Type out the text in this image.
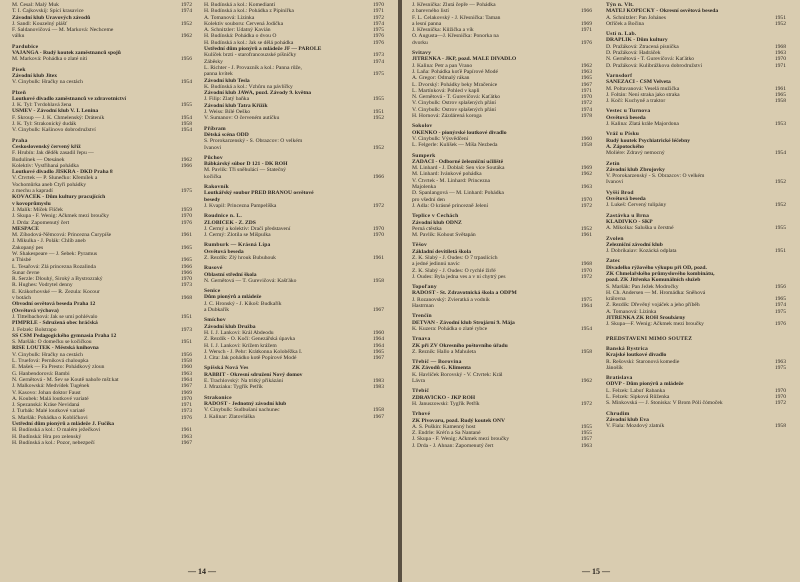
1972
M. Česal: Malý Muk
1974
T. I. Čajkovskij: Spící krasavice
Závodní klub Uravových závodů
1952
J. Sandl: Kouzelný plášť
F. Saldanovičová — M. Marková: Nechceme
1962
válku
Pardubice
VAJANGA - Rudý koutek zaměstnanců spojů
1956
M. Marková: Pohádka o zlaté niti
Písek
Závodní klub Jitex
1954
V. Cinybulk: Hračky na cestách
Plzeň
Loutkové divadlo zaměstnanců ve zdravotnictví
1955
J. K. Tyl: Tvrdohlavá žena
USMEV - Závodní klub V. I. Lenina
1954
F. Skroup — J. K. Chmelenský: Dráteník
1958
J. K. Tyl: Strakonický dudák
1954
V. Cinybulk: Kašinovo dobrodružství
Praha
Československý červený kříž
F. Hrubín: Jak děděk zasadil řepu —
1962
Budulínek — Otesánek
1966
Kolektiv: Vystřihaná pohádka
Loutkové divadlo JISKRA - DKD Praha 8
V. Čtvrtek — P. Slunečko: Křemílek a
Vochomůrka aneb Čtyři pohádky
1975
z mechu a kapradí
KOVÁČEK - Dům kultury pracujících
v kovoprůmyslu
1959
J. Malík: Míček Flíček
1970
J. Skupa - F. Wenig: Ačkmek mezi broučky
1976
J. Drda: Zapomenutý čert
MESPACE
1961
M. Zíhodová-Němcová: Princezna Čurypíše
J. Mikulka - J. Polák: Chlíb aneb
1965
Zakopaný pes
W. Shakespeare — J. Šebek: Pyramus
1965
a Thisbé
1966
L. Tesařová: Zlá princezna Rozalinda
1966
Šunar čevne
1970
R. Šerzle: Dlouhý, Široký a Bystrozraký
1973
R. Hughes: Vodrytel denny
E. Krákorhovské — R. Zezula: Kocour
1968
v botách
Obvodní osvětová beseda Praha 12
(Osvětová výchova)
1951
J. Tittelbachová: Jak se umí pohlévalo
PIMPRLE - Sdružená obec hráčská
1973
J. Felzek: Bolstrapo
SS CSM Pedagogického gymnasia Praha 12
1951
S. Maršák: O domečku se kočičkou
RISE LOUTEK - Městská knihovna
1956
V. Cinybulk: Hračky na cestách
1958
L. Truefová: Perníková chaloupka
1960
E. Mašek — Fa Presto: Pohádkový zloun
1963
G. Hanbendorová: Bambi
1964
N. Gernětová - M. Šev se Koutě nahoře mšt:kat
1967
J. Malkowská: Medvídek Tugének
1969
V. Kasovo: Johan doktor Faust
1970
A. Koubek: Malá loutkové variaté
1971
J. Spezanská: Kráse Nevidaná
1973
J. Turbák: Malé loutkové variaté
1976
S. Maršák: Pohádka o Koblíčkovi
Ústřední dům pionýrů a mládeže J. Fučíka
1961
H. Budínská a kol.: O malém ježečkovi
1963
H. Budínská: Hra pro zelenský
1967
H. Budínská a kol.: Pozor, nebezpečí
1970
H. Budínská a kol.: Komediantí
1971
H. Budínská a kol.: Pohádka z Pipiniřka
1972
A. Tomanová: Lízinka
1974
Kolektiv souboru: Červená Jodička
1975
A. Schnitzler: Udatný Kavián
1976
H. Budínská: Pohádka o dvou O
1976
H. Budínská a kol.: Jak se dělá pohádka
Ústřední dům pionýrů a mládeže JF — PAROLE
1973
Kulíček brzti - starofrancouzské píšničky
1974
Záběsky
L. Richter - J. Provazník a kol.: Panna růže,
1975
panna kvítek
Závodní klub Tesla
K. Budínská a kol.: Vzhůru na pávlíčky
Závodní klub JAWA, pozd. Závody 9. května
1955
J. Filip: Zlatý baňka
Závodní klub Tatra Křížík
1951
J. Weiss: Bílé Oeško
1952
V. Sumanov: O červeném autíčku
Příbram
Dětská scéna ODD
S. Prorokarzenský - S. Obrazcov: O velkém
1952
Ivanovi
Půchov
Bábkárský súbor D 121 - DK ROH
M. Pavlík: Tři sněhulácí — Statečný
1966
kočička
Rakovník
Loutkářský soubor PŘED BRANOU osvětové
besedy
1972
J. Kvapil: Princezna Pampelíška
Roudnice n. L.
ZLOBÍČEK - Z. ZDS
1970
J. Čermý a kolektiv: Dračí představení
1970
J. Čermý: Zlotila se Mišpulka
Rumburk — Krásná Lípa
Osvětová beseda
1961
Z. Rezdík: Zlý hrouk Bubuhouk
Rusové
Oblastní střední škola
1958
N. Gernětová — T. Gurevičová: Kašťáko
Senice
Dům pionýrů a mládeže
J. C. Hronský - J. Kikoš: Budkařík
1967
a Dubkařík
Smíchov
Závodní klub Družba
1960
H. I. J. Lankovi: Král Abdeodu
1964
Z. Rezdík - O. Kočí: Genezářská úpavka
1964
H. I. J. Lankovi: Krížem krážem
1965
J. Wersch - J. Pehr: Krátkonna Koloběžka I.
1967
J. Cita: Jak pohádko kotě Popírové Modé
Spišská Nová Ves
RABBIT - Okresní sdružení Nový domov
1983
E. Trachlovský: Na tritký přikázání
1983
J. Mraziaku: Tygřík Petřík
Strakonice
RADOST - Jednotný závodní klub
1958
V. Cinybulk: Sudbušaní nachunec
1967
J. Kalinar: Zlatovláška
— 14 —
J. Křesnička: Zlutá čepře — Pohádka
1966
z barevného listí
F. L. Čelakovský - J. Křesnička: Taman
1969
a lesní panna
1971
J. Křesnička: Kůžička a vík
O. Augusta—J. Křesnička: Ponorka na
1976
dvorku
Svitavy
JITŘENKA - JKP, pozd. MALÉ DIVADLO
1962
J. Kalina: Petr a pan Vrano
1963
J. Laňa: Pohádka koťě Papírové Modé
1965
A. Gregor: Odmalý rákan
1967
L. Dvorský: Pohádky beky Mračenice
1971
L. Martínková: Pohled v kapli
1970
N. Gernětová - T. Gurevičová: Kaťátko
1972
V. Cinybulk: Ostrov splašených přání
1974
V. Cinybulk: Ostrov splašených přání
1978
H. Hornová: Zázdárená koroga
Sokolov
OKENKO - pionýrské loutkové divadlo
1960
V. Cinybulk: Výsvědčení
1958
L. Felgerle: Kulíšek — Míša Nezbeda
Šumperk
ZADÁCI - Odborné železniční učiliště
1969
M. Linhard - J. Doblaš: Sen více Soutáka
1962
M. Linhard: Ivánkové pohádka
V. Čtvrtek - M. Linhard: Princezna
1963
Majolenka
D. Spanlangová — M. Linhard: Pohádka
1970
pro všední den
1972
J. Adla: O krásné princezně Jelení
Teplice v Čechách
Závodní klub ODNZ
1952
Perná ctěstka
1961
M. Pavlík: Kohout Světapán
Těšov
Základní devítiletá škola
Z. K. Slabý - J. Oudes: O 7 trpaslících
1968
a jedné jedinnú navíc
1970
Z. K. Slabý - J. Oudes: O rychlé žirřé
1972
J. Oudes: Byla jedna ves a v ní chytrý pes
Topoľany
RADOST - St. Zdravotnická škola a ODPM
1975
J. Rozanovský: Zvieratká a vodník
1964
Hastrman
Trenčín
DETVAN - Závodní klub Strojární 9. Mája
1954
K. Kuzera: Pohádka o zlaté rybce
Trnava
ZK při ZV Okresního poštovního úřadu
1958
Z. Řezník: Hallo a Mahuleta
Třebíč — Borovina
ZK Závodů G. Klimenta
K. Havlíček Borovský - V. Čtvrtek: Král
1962
Lávra
Třebíč
ZDRAVÍČKO - JKP ROH
1972
H. Januszowski: Tygřík Petřík
Trhové
ZK Pivovaru, pozd. Rudý koutek ONV
1955
A. S. Puškin: Kamenný host
1955
Z. Endrle: Kréťn a Sa Nantané
1957
J. Skupa - F. Wenig: Ačkmek mezi broučky
1963
J. Drda - J. Ahnan: Zapomenutý čert
Týn n. Vlt.
MATEJ KOPECKÝ - Okresní osvětová beseda
1951
A. Schnitzler: Pan Johánes
1952
Otříček a Bočina
Ústí n. Lab.
DRAPLIK - Dům kultury
1968
D. Pražáková: Ztracená písnička
1963
D. Pražáková: Hadráček
1970
N. Gernětová - T. Gurevičová: Kaťátko
1971
D. Pražáková: Kulibrážkova dobrodružství
Varnsdorf
SANEZACI - ČSM Velveta
1961
M. Poltavanová: Veselá mužička
1965
J. Foltán: Není straka jako straka
1958
J. Kočí: Kuchyně a traktor
Vestec u Turnova
Osvětová beseda
1953
J. Kalina: Zlatá krále Majordona
Vráž u Písku
Rudý koutek Psychiatrické léčebny
A. Zápotockého
1954
Moliére: Zdravý nemocný
Zetín
Závodní klub Zbrojovky
V. Prorokarzenský - S. Obrazcov: O velkém
1952
Ivanovi
Vyšší Brod
Osvětová beseda
1952
J. Lukeš: Červený tulipány
Zastávka u Brna
KLADIVKO - SKP
1955
A. Mikolka: Saluška u čerstné
Zvolen
Železniční závodní klub
1951
J. Dobrikaiav: Kozácká odplata
Žatec
Divadelko rýžového výkupu při OD, pozd.
ZK Chmelařského průmyslového kombinátu,
pozd. ZK Jitřenka Komunálních služeb
1956
S. Maršák: Pan Ježek Modročky
H. Ch. Andersen — M. Hromádka: Sněhová
1965
královna
1974
Z. Rezdík: Dřevěný vojáček a jeho příběh
1975
A. Tomanová: Lízinka
JITŘENKA ZK ROH Šroubárny
1976
J. Skupa—F. Wenig: Ačkmek mezi broučky
PŘEDSTAVENÍ MIMO SOUTĚŽ
Banská Bystrica
Krajské loutkové divadlo
1963
R. Rešovski: Staronová komedie
1975
Jánošík
Bratislava
ODVP - Dům pionýrů a mládeže
1970
L. Felzek: Labuť Rabanka
1970
L. Felzek: Sipková Růženka
1972
S. Minkovská — J. Stoniska: V Brom Pólí čómoček
Chrudim
Závodní klub Eva
1958
V. Fiala: Mozdový zlatník
— 15 —
